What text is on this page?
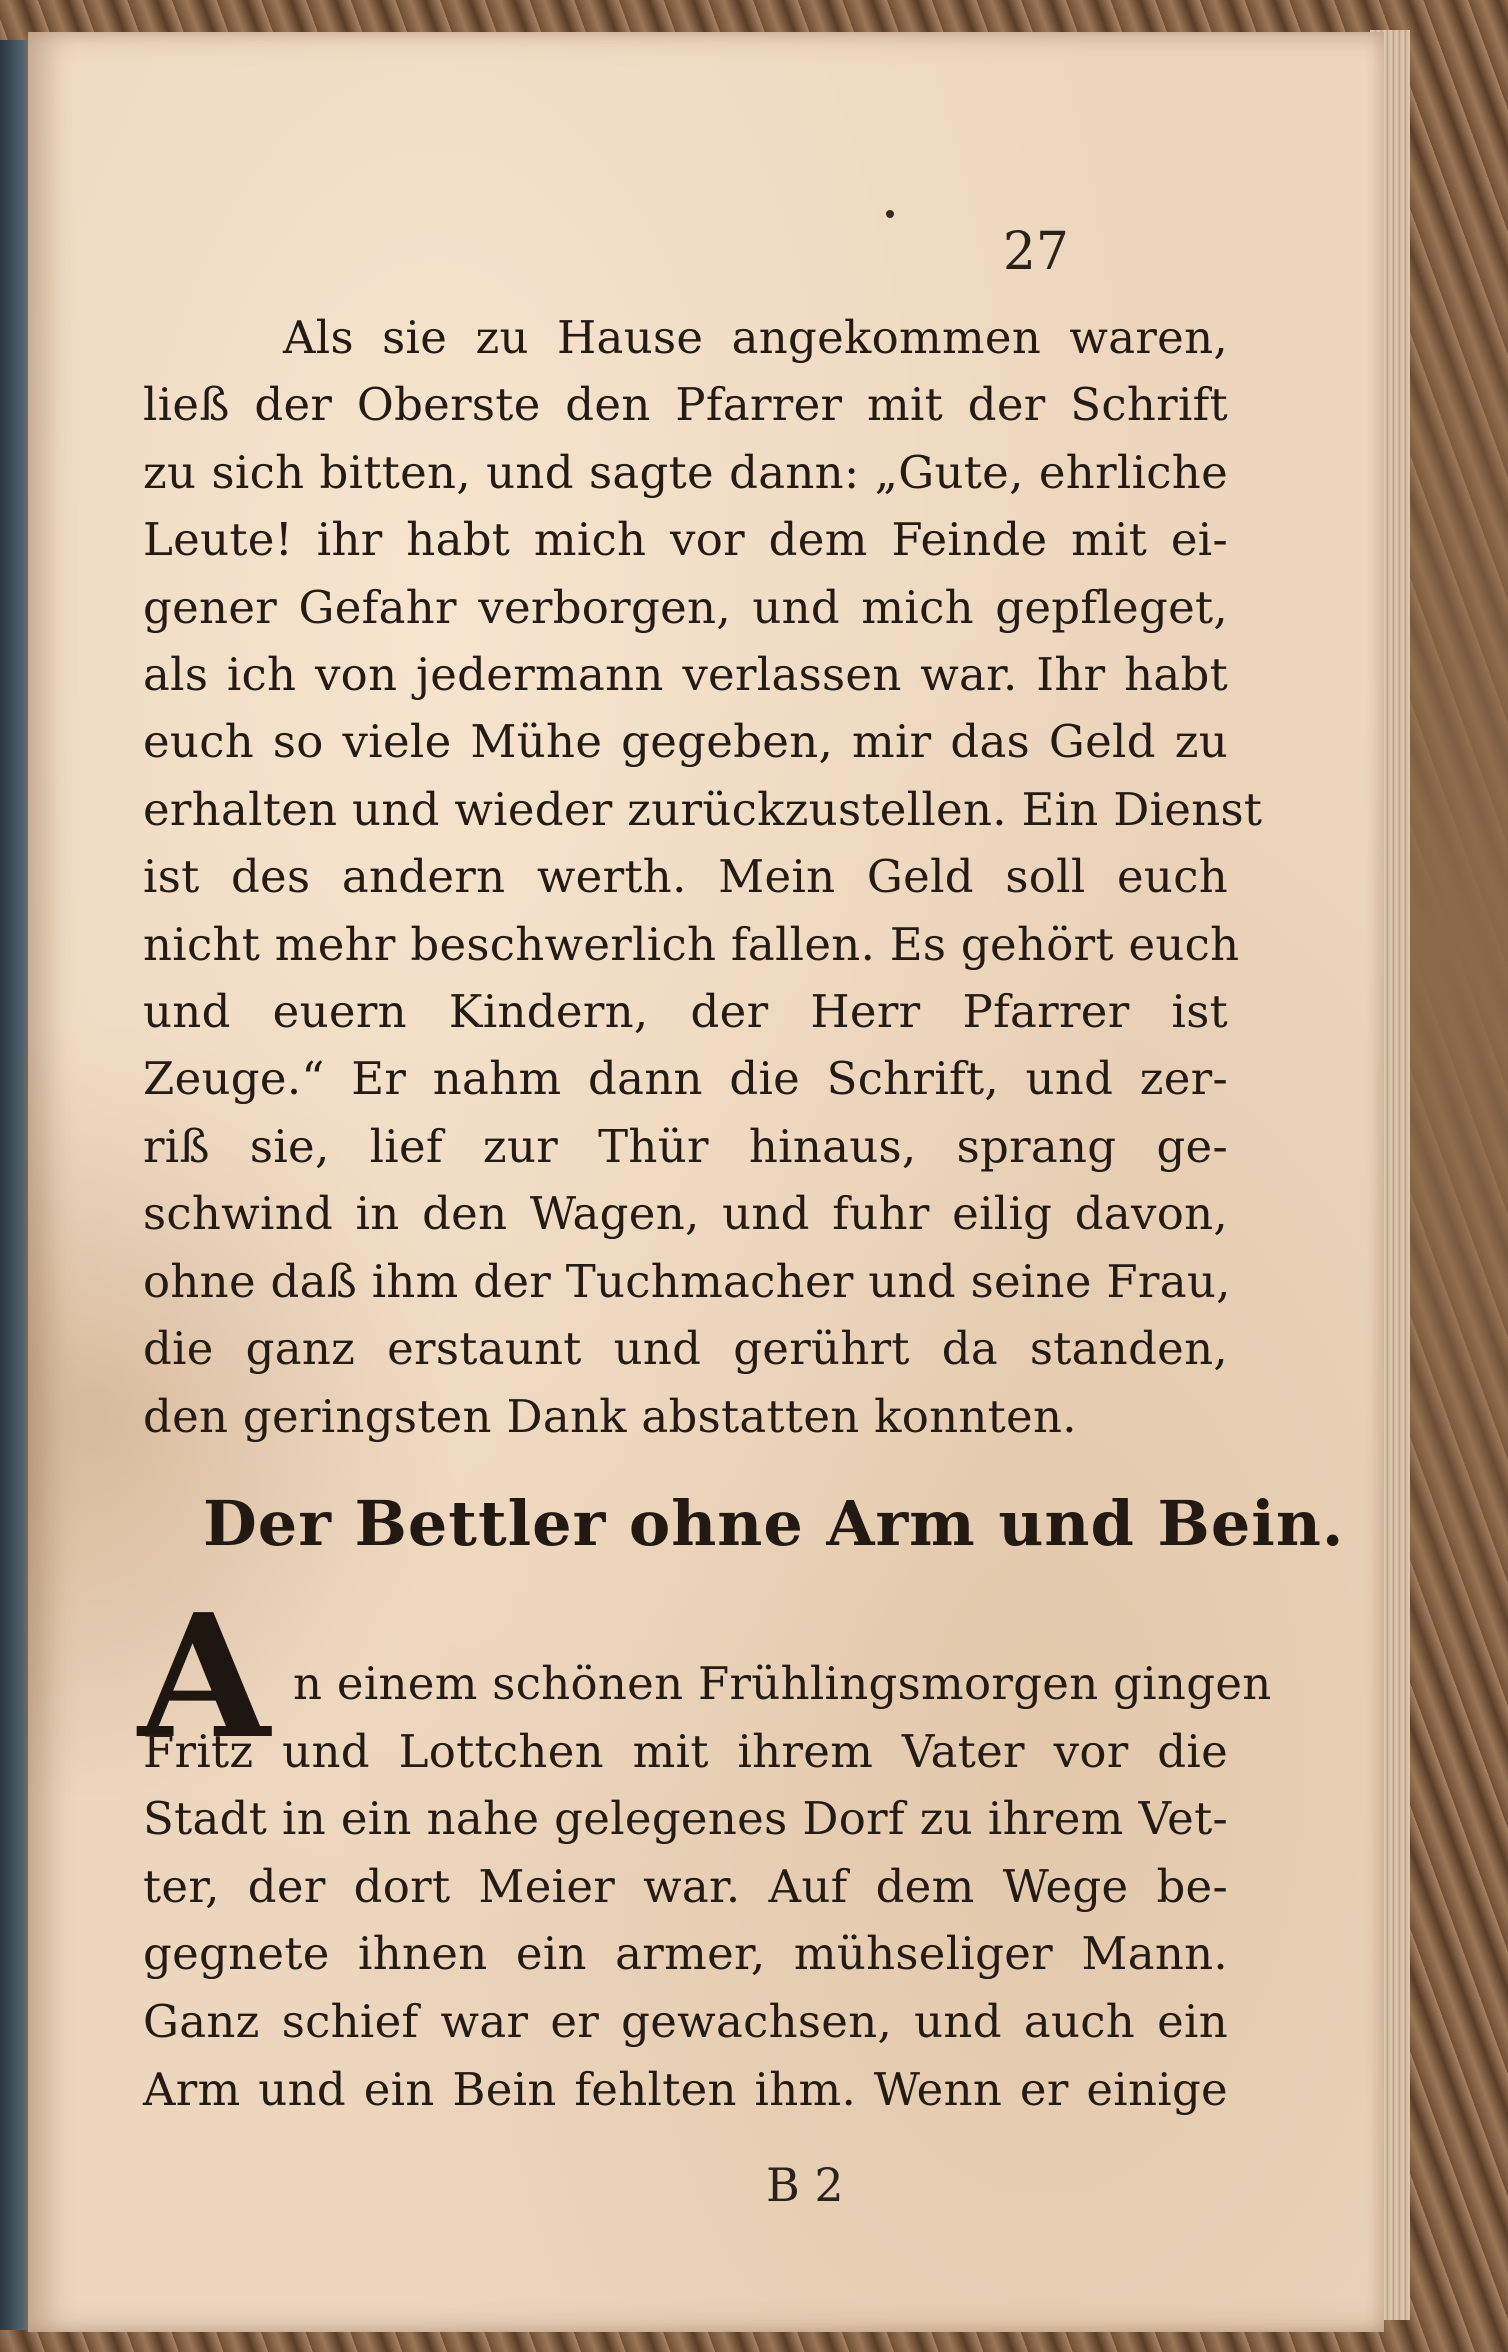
27
Als sie zu Hause angekommen waren,
ließ der Oberste den Pfarrer mit der Schrift
zu sich bitten, und sagte dann: „Gute, ehrliche
Leute! ihr habt mich vor dem Feinde mit ei-
gener Gefahr verborgen, und mich gepfleget,
als ich von jedermann verlassen war. Ihr habt
euch so viele Mühe gegeben, mir das Geld zu
erhalten und wieder zurückzustellen. Ein Dienst
ist des andern werth. Mein Geld soll euch
nicht mehr beschwerlich fallen. Es gehört euch
und euern Kindern, der Herr Pfarrer ist
Zeuge.“ Er nahm dann die Schrift, und zer-
riß sie, lief zur Thür hinaus, sprang ge-
schwind in den Wagen, und fuhr eilig davon,
ohne daß ihm der Tuchmacher und seine Frau,
die ganz erstaunt und gerührt da standen,
den geringsten Dank abstatten konnten.
Der Bettler ohne Arm und Bein.
A n einem schönen Frühlingsmorgen gingen
Fritz und Lottchen mit ihrem Vater vor die
Stadt in ein nahe gelegenes Dorf zu ihrem Vet-
ter, der dort Meier war. Auf dem Wege be-
gegnete ihnen ein armer, mühseliger Mann.
Ganz schief war er gewachsen, und auch ein
Arm und ein Bein fehlten ihm. Wenn er einige
B 2
